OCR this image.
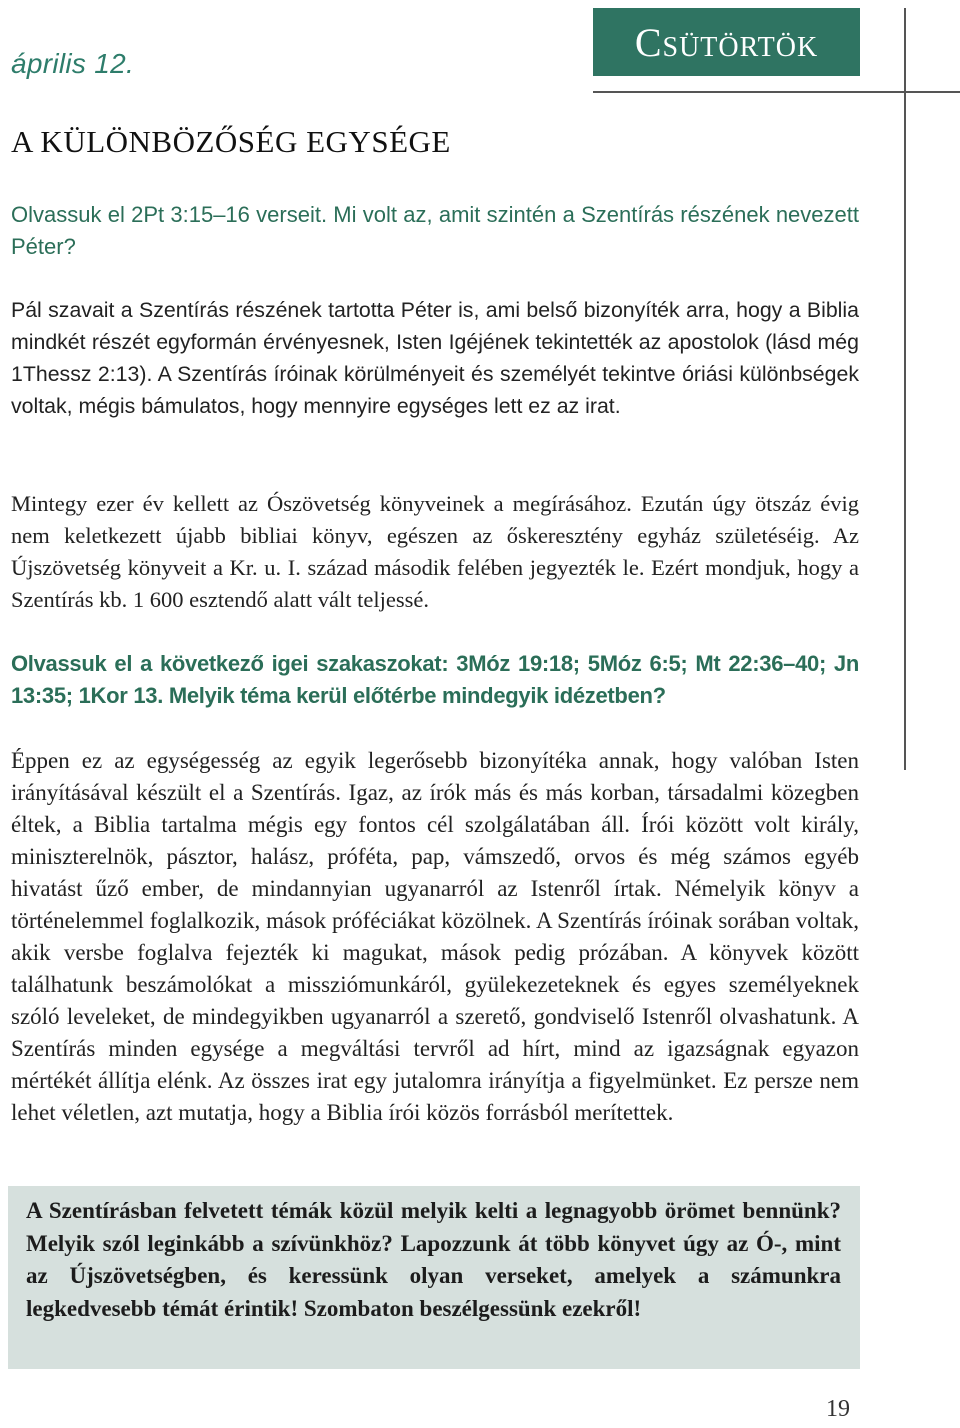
április 12.	Csütörtök
A KÜLÖNBÖZŐSÉG EGYSÉGE

Olvassuk el 2Pt 3:15–16 verseit. Mi volt az, amit szintén a Szentírás részének nevezett Péter?

Pál szavait a Szentírás részének tartotta Péter is, ami belső bizonyíték arra, hogy a Biblia mindkét részét egyformán érvényesnek, Isten Igéjének tekintették az apostolok (lásd még 1Thessz 2:13). A Szentírás íróinak körülményeit és személyét tekintve óriási különbségek voltak, mégis bámulatos, hogy mennyire egységes lett ez az irat.

Mintegy ezer év kellett az Ószövetség könyveinek a megírásához. Ezután úgy ötszáz évig nem keletkezett újabb bibliai könyv, egészen az őskeresztény egyház születéséig. Az Újszövetség könyveit a Kr. u. I. század második felében jegyezték le. Ezért mondjuk, hogy a Szentírás kb. 1 600 esztendő alatt vált teljessé.

Olvassuk el a következő igei szakaszokat: 3Móz 19:18; 5Móz 6:5; Mt 22:36–40; Jn 13:35; 1Kor 13. Melyik téma kerül előtérbe mindegyik idézetben?

Éppen ez az egységesség az egyik legerősebb bizonyítéka annak, hogy valóban Isten irányításával készült el a Szentírás. Igaz, az írók más és más korban, társadalmi közegben éltek, a Biblia tartalma mégis egy fontos cél szolgálatában áll. Írói között volt király, miniszterelnök, pásztor, halász, próféta, pap, vámszedő, orvos és még számos egyéb hivatást űző ember, de mindannyian ugyanarról az Istenről írtak. Némelyik könyv a történelemmel foglalkozik, mások próféciákat közölnek. A Szentírás íróinak sorában voltak, akik versbe foglalva fejezték ki magukat, mások pedig prózában. A könyvek között találhatunk beszámolókat a missziómunkáról, gyülekezeteknek és egyes személyeknek szóló leveleket, de mindegyikben ugyanarról a szerető, gondviselő Istenről olvashatunk. A Szentírás minden egysége a megváltási tervről ad hírt, mind az igazságnak egyazon mértékét állítja elénk. Az összes irat egy jutalomra irányítja a figyelmünket. Ez persze nem lehet véletlen, azt mutatja, hogy a Biblia írói közös forrásból merítettek.

A Szentírásban felvetett témák közül melyik kelti a legnagyobb örömet bennünk? Melyik szól leginkább a szívünkhöz? Lapozzunk át több könyvet úgy az Ó-, mint az Újszövetségben, és keressünk olyan verseket, amelyek a számunkra legkedvesebb témát érintik! Szombaton beszélgessünk ezekről!

19
